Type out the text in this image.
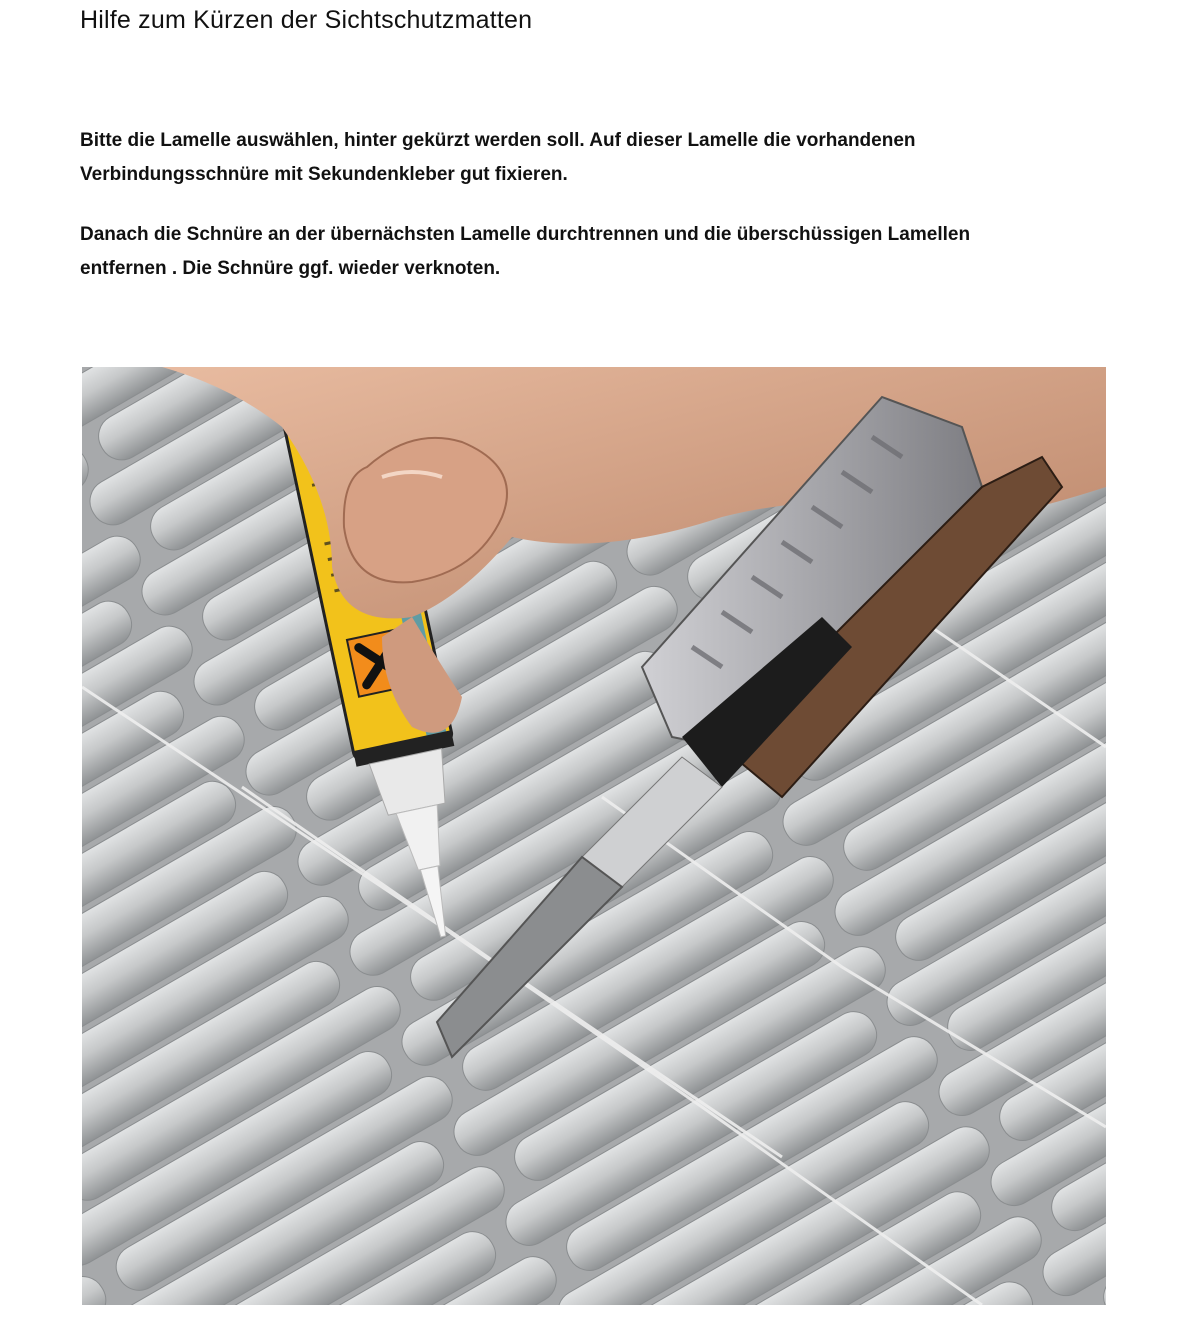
Hilfe zum Kürzen der Sichtschutzmatten

Bitte die Lamelle auswählen, hinter gekürzt werden soll. Auf dieser Lamelle die vorhandenen
Verbindungsschnüre mit Sekundenkleber gut fixieren.

Danach die Schnüre an der übernächsten Lamelle durchtrennen und die überschüssigen Lamellen
entfernen . Die Schnüre ggf. wieder verknoten.
